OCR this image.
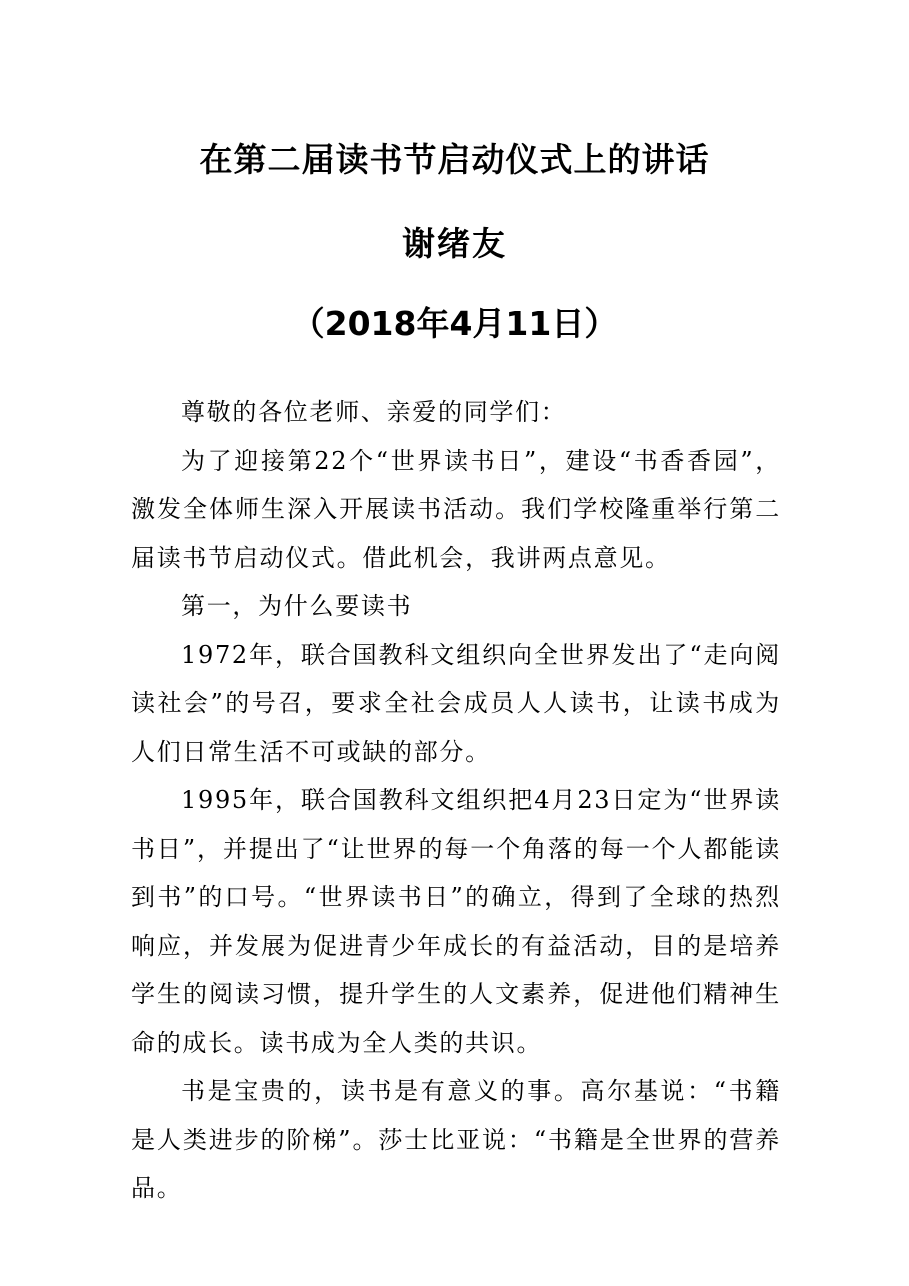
在第二届读书节启动仪式上的讲话
谢绪友
（2018年4月11日）

尊敬的各位老师、亲爱的同学们：

为了迎接第22个“世界读书日”，建设“书香香园”，激发全体师生深入开展读书活动。我们学校隆重举行第二届读书节启动仪式。借此机会，我讲两点意见。

第一，为什么要读书

1972年，联合国教科文组织向全世界发出了“走向阅读社会”的号召，要求全社会成员人人读书，让读书成为人们日常生活不可或缺的部分。

1995年，联合国教科文组织把4月23日定为“世界读书日”，并提出了“让世界的每一个角落的每一个人都能读到书”的口号。“世界读书日”的确立，得到了全球的热烈响应，并发展为促进青少年成长的有益活动，目的是培养学生的阅读习惯，提升学生的人文素养，促进他们精神生命的成长。读书成为全人类的共识。

书是宝贵的，读书是有意义的事。高尔基说：“书籍是人类进步的阶梯”。莎士比亚说：“书籍是全世界的营养品。
